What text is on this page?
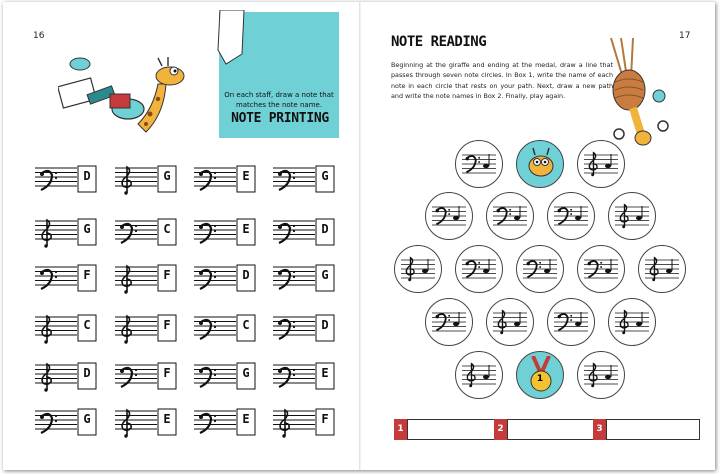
16
On each staff, draw a note that matches the note name.
NOTE PRINTING
D	G	E	G
G	C	E	D
F	F	D	G
C	F	C	D
D	F	G	E
G	E	E	F
17
NOTE READING
Beginning at the giraffe and ending at the medal, draw a line that passes through seven note circles. In Box 1, write the name of each note in each circle that rests on your path. Next, draw a new path and write the note names in Box 2. Finally, play again.
1
1	2	3
